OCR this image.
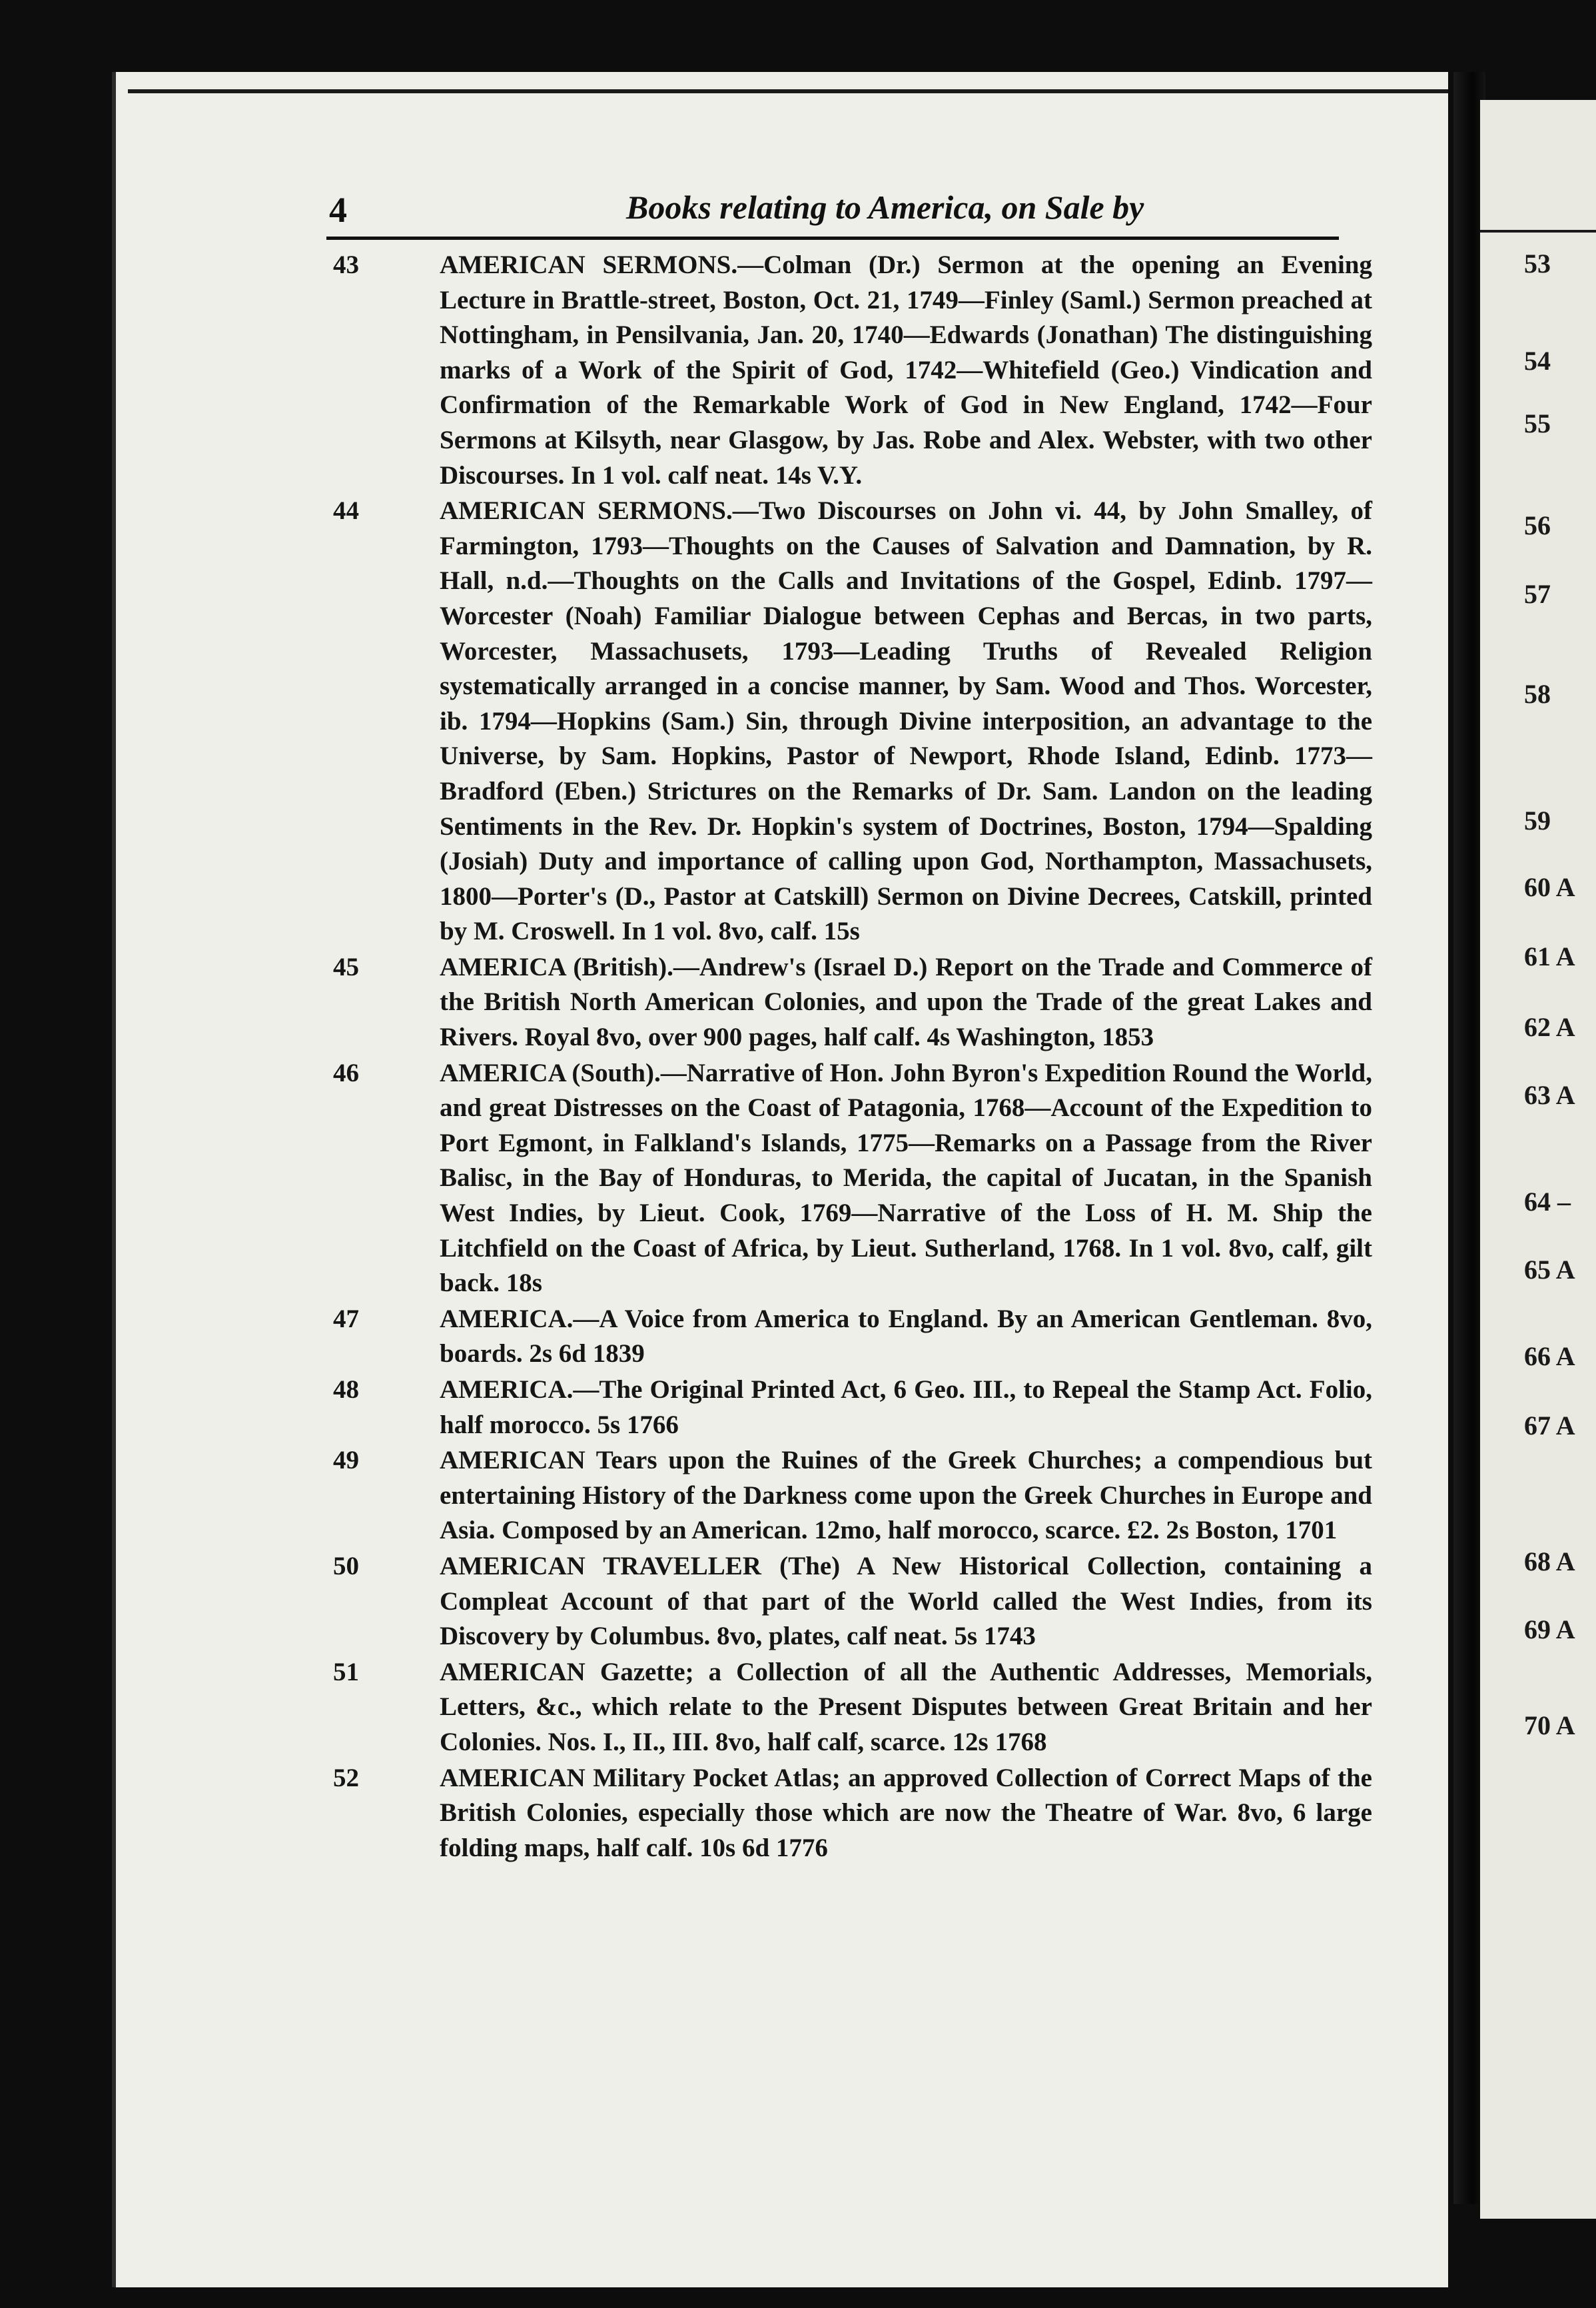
4	Books relating to America, on Sale by
43	AMERICAN SERMONS.—Colman (Dr.) Sermon at the opening an Evening Lecture in Brattle-street, Boston, Oct. 21, 1749—Finley (Saml.) Sermon preached at Nottingham, in Pensilvania, Jan. 20, 1740—Edwards (Jonathan) The distinguishing marks of a Work of the Spirit of God, 1742—Whitefield (Geo.) Vindication and Confirmation of the Remarkable Work of God in New England, 1742—Four Sermons at Kilsyth, near Glasgow, by Jas. Robe and Alex. Webster, with two other Discourses. In 1 vol. calf neat. 14s V.Y.
44	AMERICAN SERMONS.—Two Discourses on John vi. 44, by John Smalley, of Farmington, 1793—Thoughts on the Causes of Salvation and Damnation, by R. Hall, n.d.—Thoughts on the Calls and Invitations of the Gospel, Edinb. 1797—Worcester (Noah) Familiar Dialogue between Cephas and Bercas, in two parts, Worcester, Massachusets, 1793—Leading Truths of Revealed Religion systematically arranged in a concise manner, by Sam. Wood and Thos. Worcester, ib. 1794—Hopkins (Sam.) Sin, through Divine interposition, an advantage to the Universe, by Sam. Hopkins, Pastor of Newport, Rhode Island, Edinb. 1773—Bradford (Eben.) Strictures on the Remarks of Dr. Sam. Landon on the leading Sentiments in the Rev. Dr. Hopkin's system of Doctrines, Boston, 1794—Spalding (Josiah) Duty and importance of calling upon God, Northampton, Massachusets, 1800—Porter's (D., Pastor at Catskill) Sermon on Divine Decrees, Catskill, printed by M. Croswell. In 1 vol. 8vo, calf. 15s
45	AMERICA (British).—Andrew's (Israel D.) Report on the Trade and Commerce of the British North American Colonies, and upon the Trade of the great Lakes and Rivers. Royal 8vo, over 900 pages, half calf. 4s Washington, 1853
46	AMERICA (South).—Narrative of Hon. John Byron's Expedition Round the World, and great Distresses on the Coast of Patagonia, 1768—Account of the Expedition to Port Egmont, in Falkland's Islands, 1775—Remarks on a Passage from the River Balisc, in the Bay of Honduras, to Merida, the capital of Jucatan, in the Spanish West Indies, by Lieut. Cook, 1769—Narrative of the Loss of H. M. Ship the Litchfield on the Coast of Africa, by Lieut. Sutherland, 1768. In 1 vol. 8vo, calf, gilt back. 18s
47	AMERICA.—A Voice from America to England. By an American Gentleman. 8vo, boards. 2s 6d 1839
48	AMERICA.—The Original Printed Act, 6 Geo. III., to Repeal the Stamp Act. Folio, half morocco. 5s 1766
49	AMERICAN Tears upon the Ruines of the Greek Churches; a compendious but entertaining History of the Darkness come upon the Greek Churches in Europe and Asia. Composed by an American. 12mo, half morocco, scarce. £2. 2s Boston, 1701
50	AMERICAN TRAVELLER (The) A New Historical Collection, containing a Compleat Account of that part of the World called the West Indies, from its Discovery by Columbus. 8vo, plates, calf neat. 5s 1743
51	AMERICAN Gazette; a Collection of all the Authentic Addresses, Memorials, Letters, &c., which relate to the Present Disputes between Great Britain and her Colonies. Nos. I., II., III. 8vo, half calf, scarce. 12s 1768
52	AMERICAN Military Pocket Atlas; an approved Collection of Correct Maps of the British Colonies, especially those which are now the Theatre of War. 8vo, 6 large folding maps, half calf. 10s 6d 1776
53
54
55
56
57
58
59
60 A
61 A
62 A
63 A
64 –
65 A
66 A
67 A
68 A
69 A
70 A
